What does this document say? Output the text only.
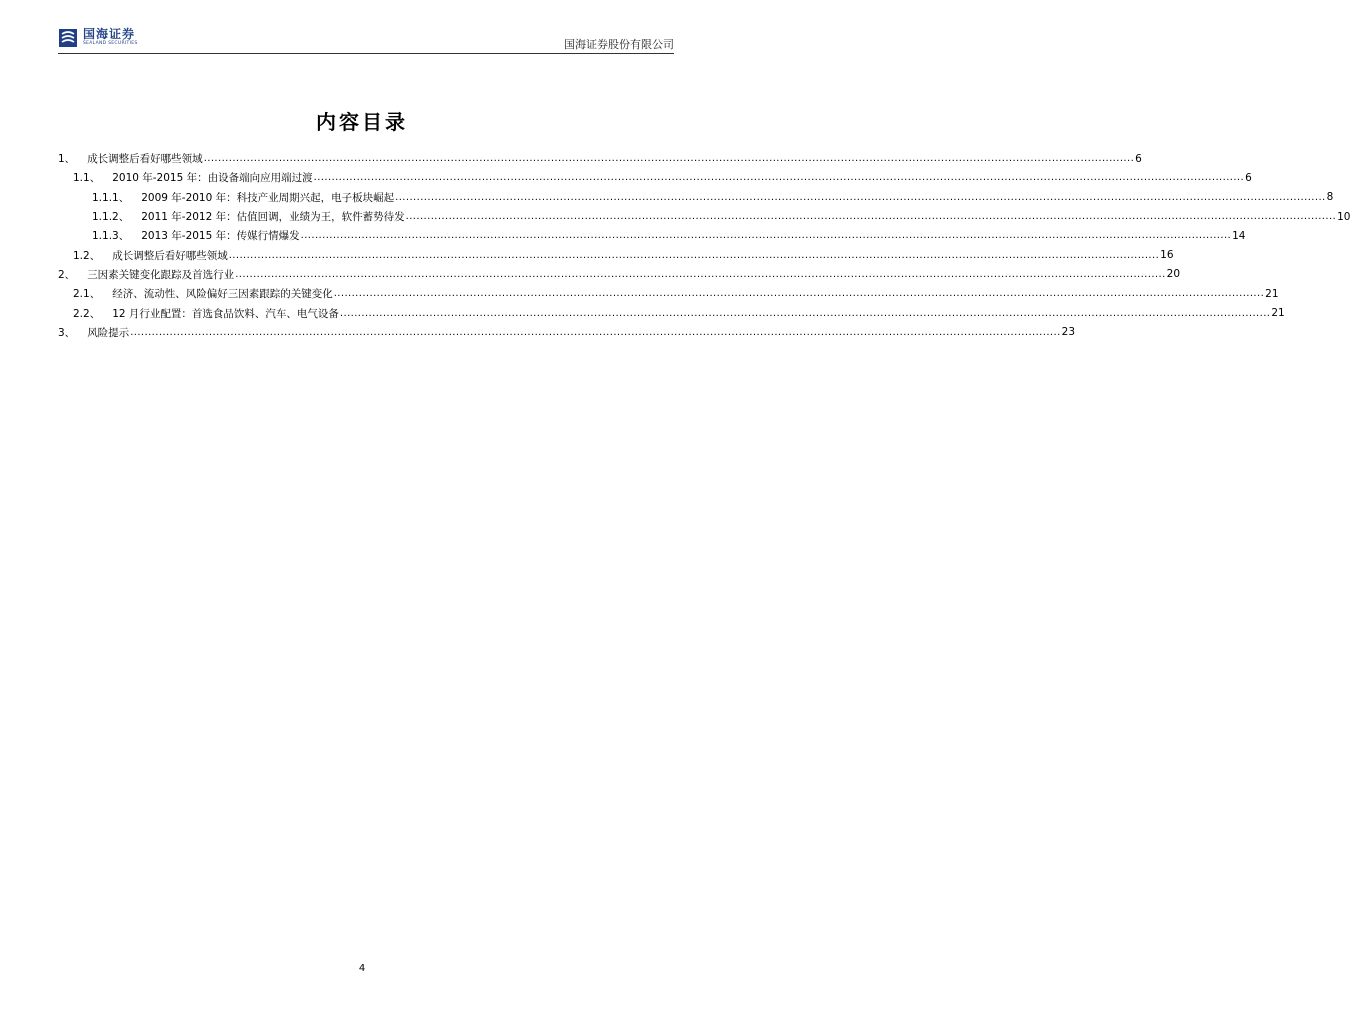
国海证券
SEALAND SECURITIES	国海证券股份有限公司
内容目录
1、 成长调整后看好哪些领域 .................................................................................................................................................................................................................................................................... 6
1.1、 2010 年-2015 年：由设备端向应用端过渡 .................................................................................................................................................................................................................................................................... 6
1.1.1、 2009 年-2010 年：科技产业周期兴起，电子板块崛起 .................................................................................................................................................................................................................................................................... 8
1.1.2、 2011 年-2012 年：估值回调，业绩为王，软件蓄势待发 .................................................................................................................................................................................................................................................................... 10
1.1.3、 2013 年-2015 年：传媒行情爆发 .................................................................................................................................................................................................................................................................... 14
1.2、 成长调整后看好哪些领域 .................................................................................................................................................................................................................................................................... 16
2、 三因素关键变化跟踪及首选行业 .................................................................................................................................................................................................................................................................... 20
2.1、 经济、流动性、风险偏好三因素跟踪的关键变化 .................................................................................................................................................................................................................................................................... 21
2.2、 12 月行业配置：首选食品饮料、汽车、电气设备 .................................................................................................................................................................................................................................................................... 21
3、 风险提示 .................................................................................................................................................................................................................................................................... 23
4
